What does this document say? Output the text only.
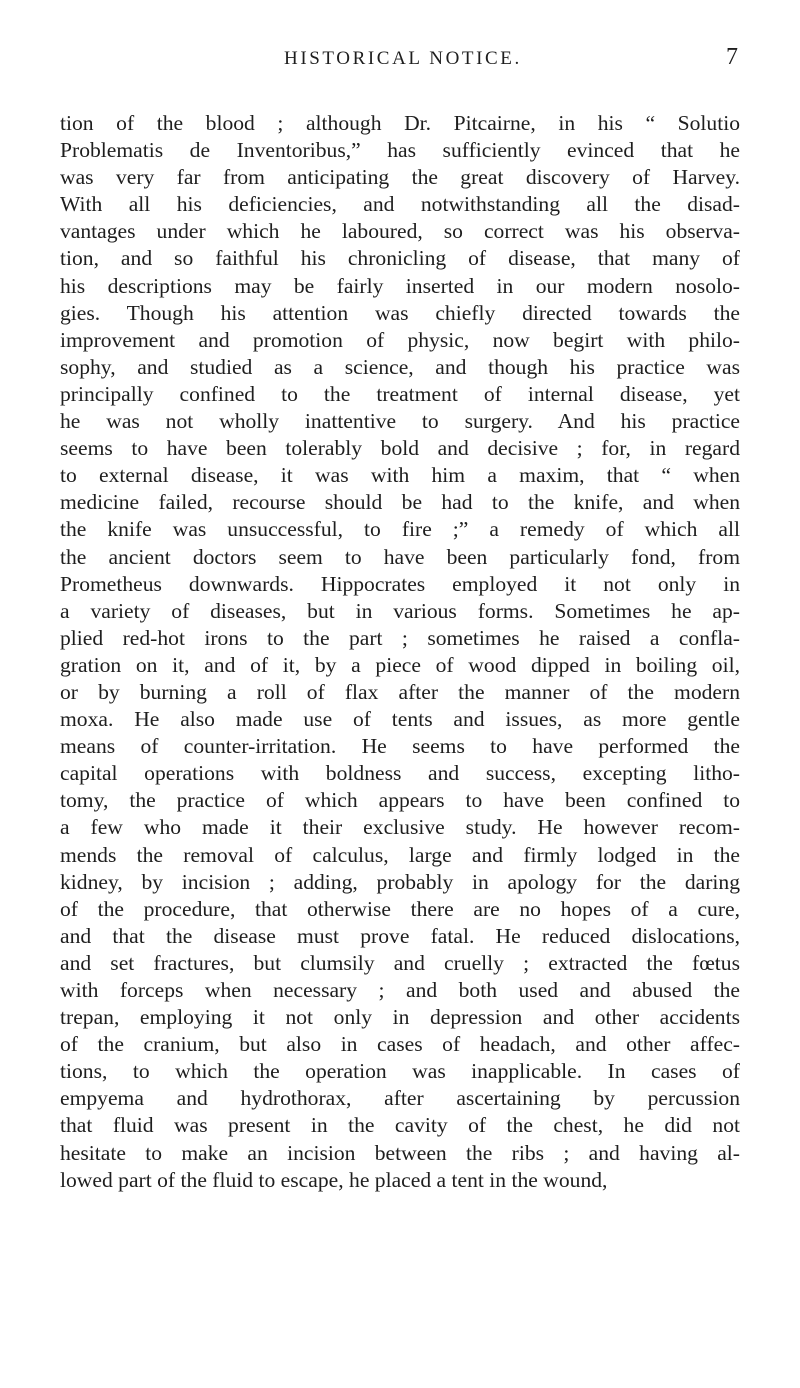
HISTORICAL NOTICE.	7
tion of the blood ; although Dr. Pitcairne, in his “ Solutio
Problematis de Inventoribus,” has sufficiently evinced that he
was very far from anticipating the great discovery of Harvey.
With all his deficiencies, and notwithstanding all the disad-
vantages under which he laboured, so correct was his observa-
tion, and so faithful his chronicling of disease, that many of
his descriptions may be fairly inserted in our modern nosolo-
gies. Though his attention was chiefly directed towards the
improvement and promotion of physic, now begirt with philo-
sophy, and studied as a science, and though his practice was
principally confined to the treatment of internal disease, yet
he was not wholly inattentive to surgery. And his practice
seems to have been tolerably bold and decisive ; for, in regard
to external disease, it was with him a maxim, that “ when
medicine failed, recourse should be had to the knife, and when
the knife was unsuccessful, to fire ;” a remedy of which all
the ancient doctors seem to have been particularly fond, from
Prometheus downwards. Hippocrates employed it not only in
a variety of diseases, but in various forms. Sometimes he ap-
plied red-hot irons to the part ; sometimes he raised a confla-
gration on it, and of it, by a piece of wood dipped in boiling oil,
or by burning a roll of flax after the manner of the modern
moxa. He also made use of tents and issues, as more gentle
means of counter-irritation. He seems to have performed the
capital operations with boldness and success, excepting litho-
tomy, the practice of which appears to have been confined to
a few who made it their exclusive study. He however recom-
mends the removal of calculus, large and firmly lodged in the
kidney, by incision ; adding, probably in apology for the daring
of the procedure, that otherwise there are no hopes of a cure,
and that the disease must prove fatal. He reduced dislocations,
and set fractures, but clumsily and cruelly ; extracted the fœtus
with forceps when necessary ; and both used and abused the
trepan, employing it not only in depression and other accidents
of the cranium, but also in cases of headach, and other affec-
tions, to which the operation was inapplicable. In cases of
empyema and hydrothorax, after ascertaining by percussion
that fluid was present in the cavity of the chest, he did not
hesitate to make an incision between the ribs ; and having al-
lowed part of the fluid to escape, he placed a tent in the wound,
